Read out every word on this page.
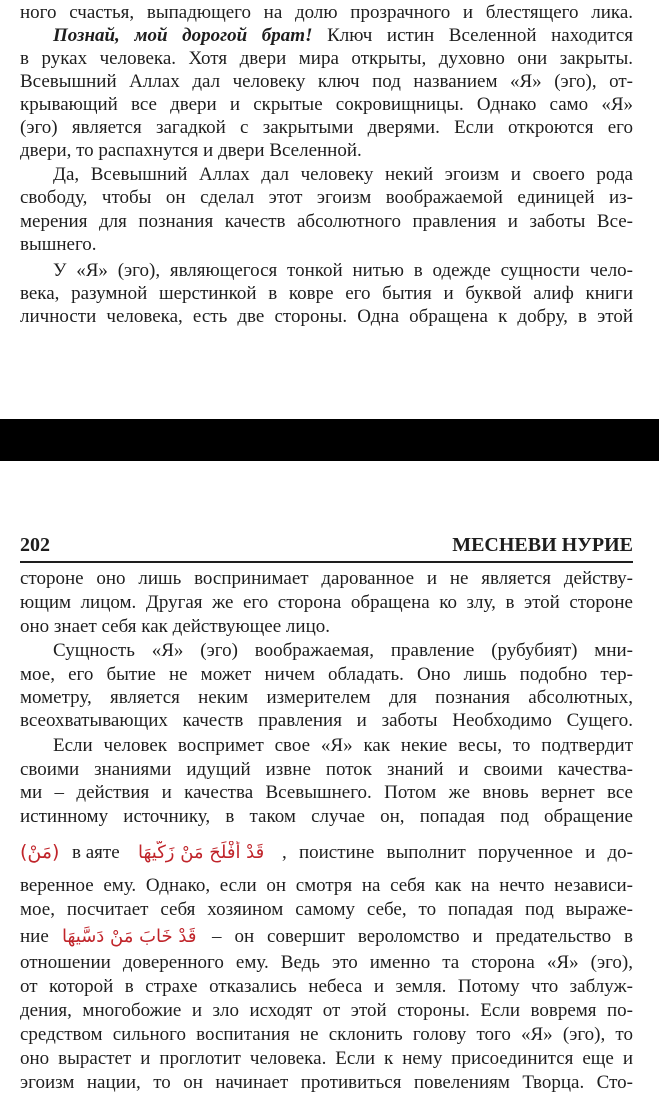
ного счастья, выпадющего на долю прозрачного и блестящего лика.
Познай, мой дорогой брат! Ключ истин Вселенной находится
в руках человека. Хотя двери мира открыты, духовно они закрыты.
Всевышний Аллах дал человеку ключ под названием «Я» (эго), от-
крывающий все двери и скрытые сокровищницы. Однако само «Я»
(эго) является загадкой с закрытыми дверями. Если откроются его
двери, то распахнутся и двери Вселенной.
Да, Всевышний Аллах дал человеку некий эгоизм и своего рода
свободу, чтобы он сделал этот эгоизм воображаемой единицей из-
мерения для познания качеств абсолютного правления и заботы Все-
вышнего.
У «Я» (эго), являющегося тонкой нитью в одежде сущности чело-
века, разумной шерстинкой в ковре его бытия и буквой алиф книги
личности человека, есть две стороны. Одна обращена к добру, в этой
202	МЕСНЕВИ НУРИЕ
стороне оно лишь воспринимает дарованное и не является действу-
ющим лицом. Другая же его сторона обращена ко злу, в этой стороне
оно знает себя как действующее лицо.
Сущность «Я» (эго) воображаемая, правление (рубубият) мни-
мое, его бытие не может ничем обладать. Оно лишь подобно тер-
мометру, является неким измерителем для познания абсолютных,
всеохватывающих качеств правления и заботы Необходимо Сущего.
Если человек воспримет свое «Я» как некие весы, то подтвердит
своими знаниями идущий извне поток знаний и своими качества-
ми – действия и качества Всевышнего. Потом же вновь вернет все
истинному источнику, в таком случае он, попадая под обращение
(مَنْ) в аяте قَدْ أَفْلَحَ مَنْ زَكَّيهَا , поистине выполнит порученное и до-
веренное ему. Однако, если он смотря на себя как на нечто независи-
мое, посчитает себя хозяином самому себе, то попадая под выраже-
ние قَدْ خَابَ مَنْ دَسَّيهَا – он совершит вероломство и предательство в
отношении доверенного ему. Ведь это именно та сторона «Я» (эго),
от которой в страхе отказались небеса и земля. Потому что заблуж-
дения, многобожие и зло исходят от этой стороны. Если вовремя по-
средством сильного воспитания не склонить голову того «Я» (эго), то
оно вырастет и проглотит человека. Если к нему присоединится еще и
эгоизм нации, то он начинает противиться повелениям Творца. Сто-
